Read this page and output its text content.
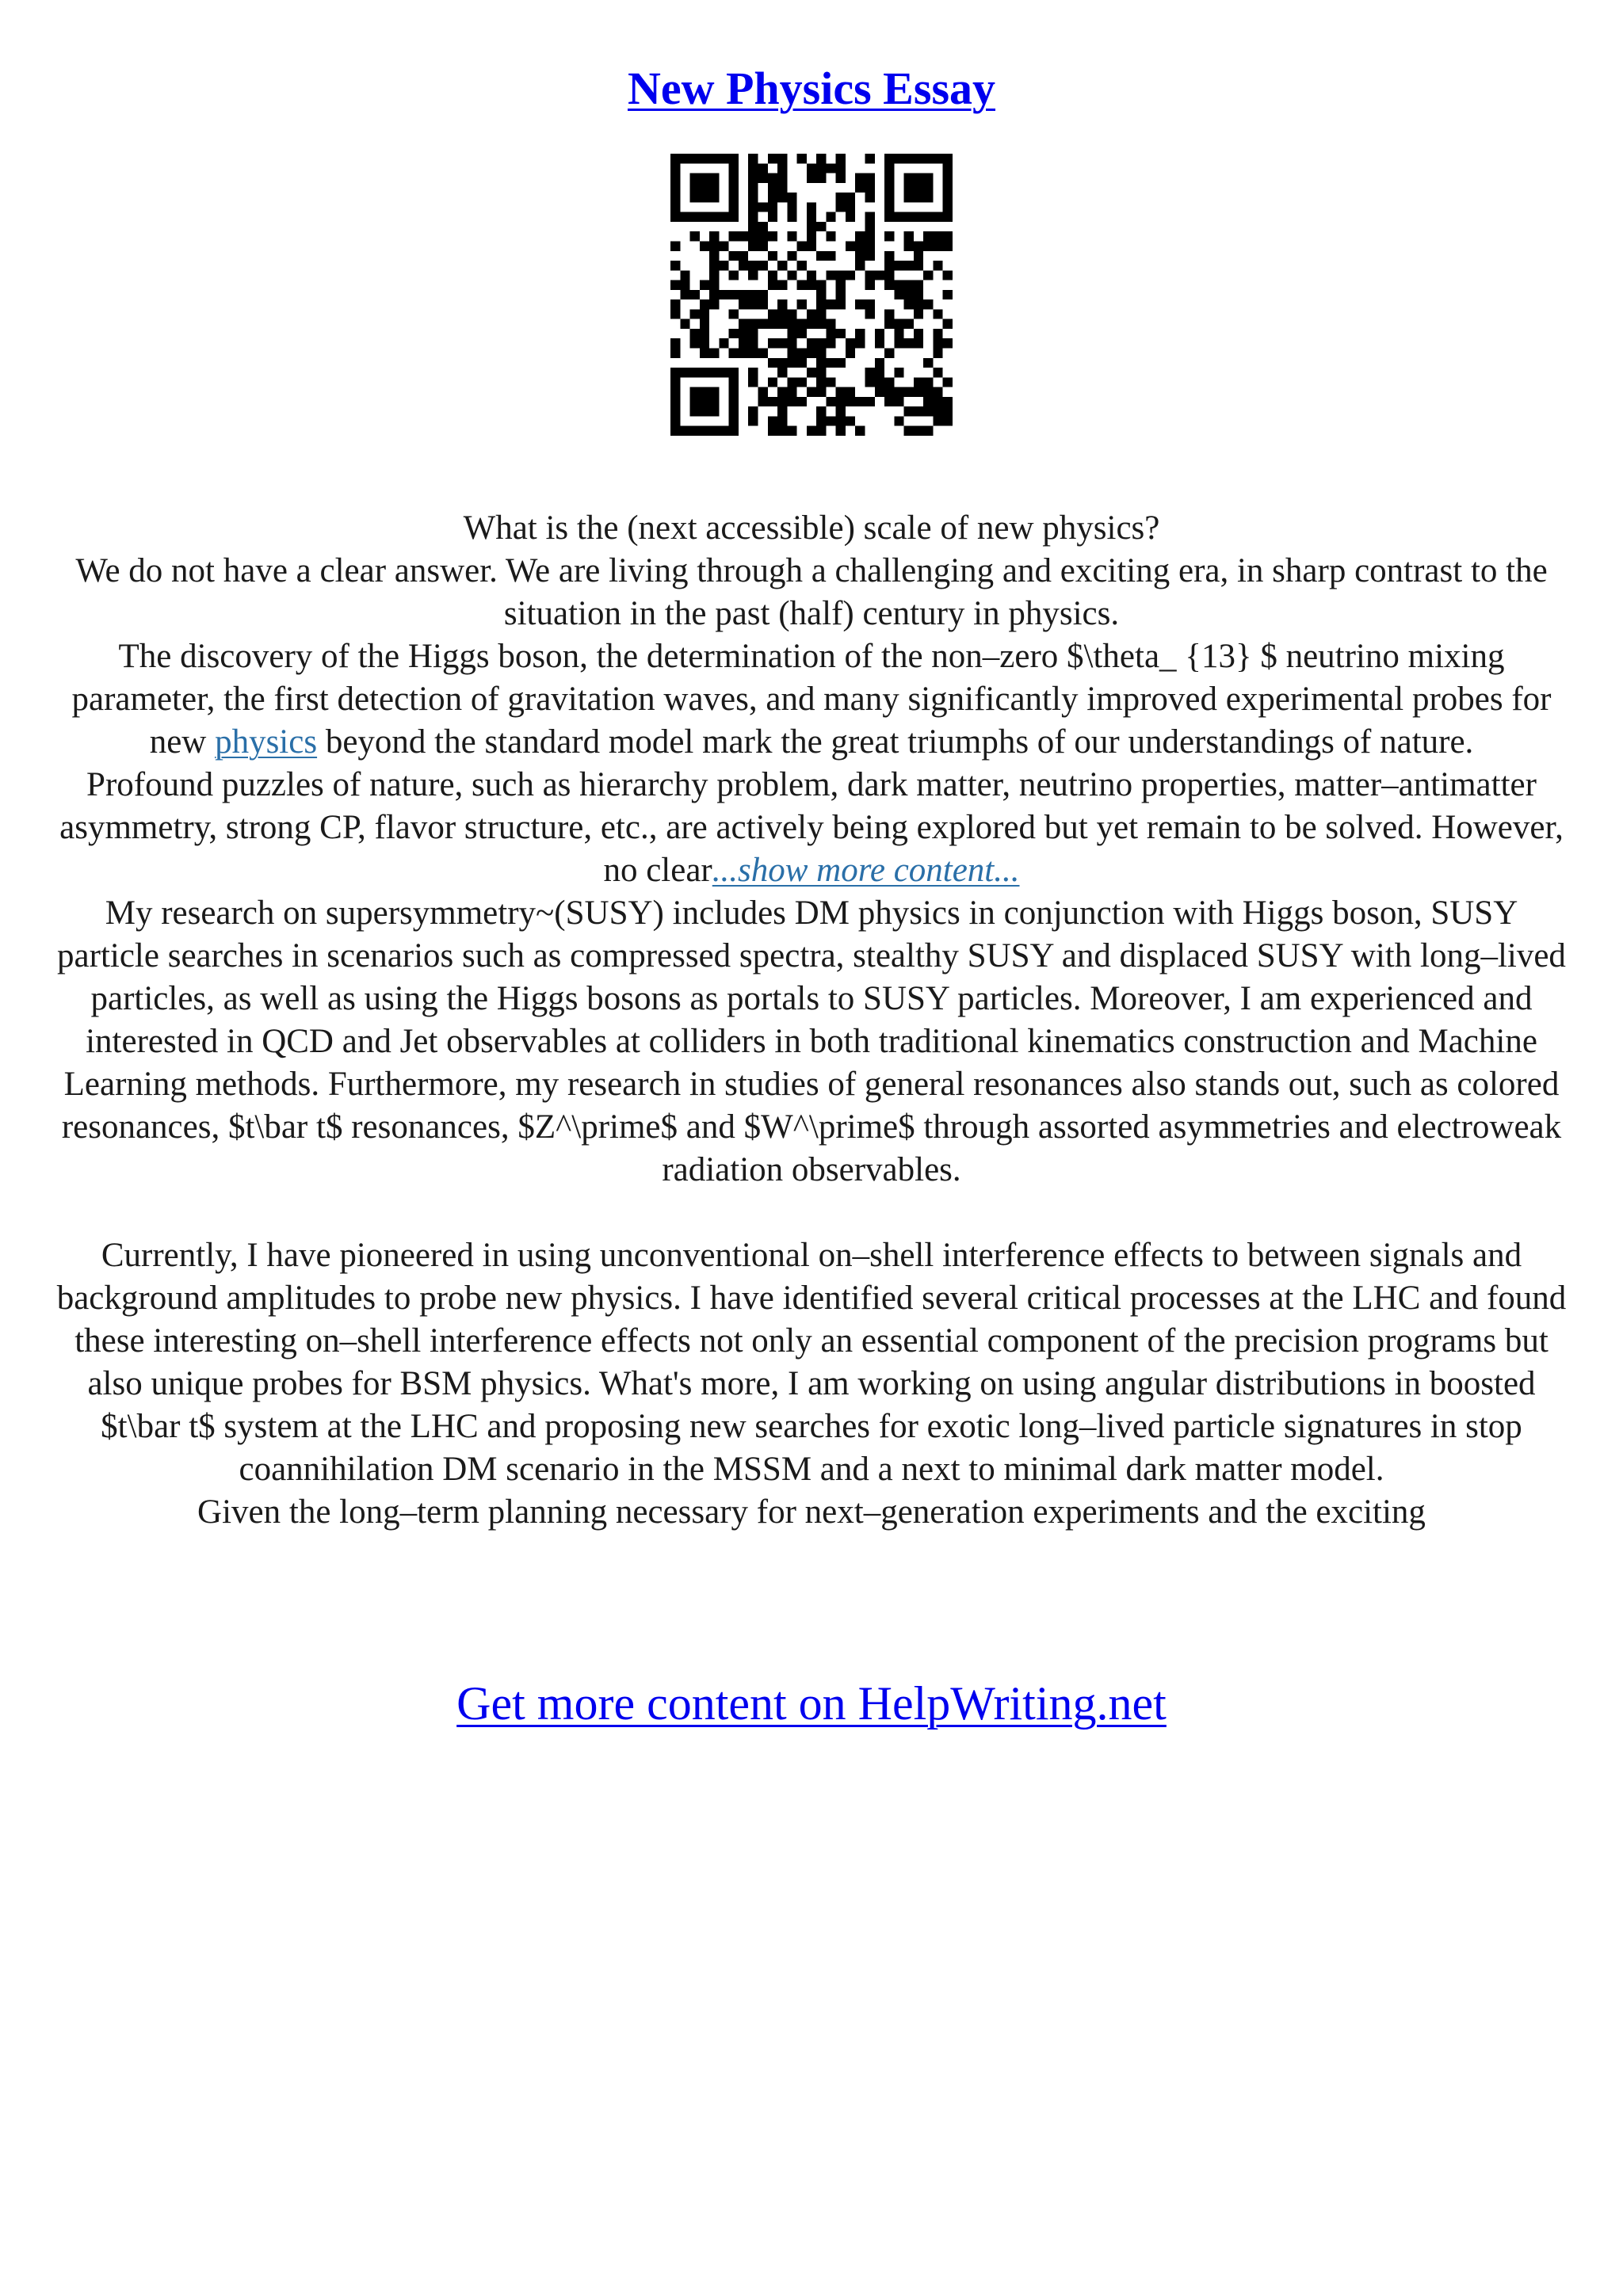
New Physics Essay

What is the (next accessible) scale of new physics?

We do not have a clear answer. We are living through a challenging and exciting era, in sharp contrast to the situation in the past (half) century in physics.

The discovery of the Higgs boson, the determination of the non–zero $\theta_ {13} $ neutrino mixing parameter, the first detection of gravitation waves, and many significantly improved experimental probes for new physics beyond the standard model mark the great triumphs of our understandings of nature.

Profound puzzles of nature, such as hierarchy problem, dark matter, neutrino properties, matter–antimatter asymmetry, strong CP, flavor structure, etc., are actively being explored but yet remain to be solved. However, no clear...show more content...

My research on supersymmetry~(SUSY) includes DM physics in conjunction with Higgs boson, SUSY particle searches in scenarios such as compressed spectra, stealthy SUSY and displaced SUSY with long–lived particles, as well as using the Higgs bosons as portals to SUSY particles. Moreover, I am experienced and interested in QCD and Jet observables at colliders in both traditional kinematics construction and Machine Learning methods. Furthermore, my research in studies of general resonances also stands out, such as colored resonances, $t\bar t$ resonances, $Z^\prime$ and $W^\prime$ through assorted asymmetries and electroweak radiation observables.

Currently, I have pioneered in using unconventional on–shell interference effects to between signals and background amplitudes to probe new physics. I have identified several critical processes at the LHC and found these interesting on–shell interference effects not only an essential component of the precision programs but also unique probes for BSM physics. What's more, I am working on using angular distributions in boosted $t\bar t$ system at the LHC and proposing new searches for exotic long–lived particle signatures in stop coannihilation DM scenario in the MSSM and a next to minimal dark matter model.

Given the long–term planning necessary for next–generation experiments and the exciting

Get more content on HelpWriting.net
